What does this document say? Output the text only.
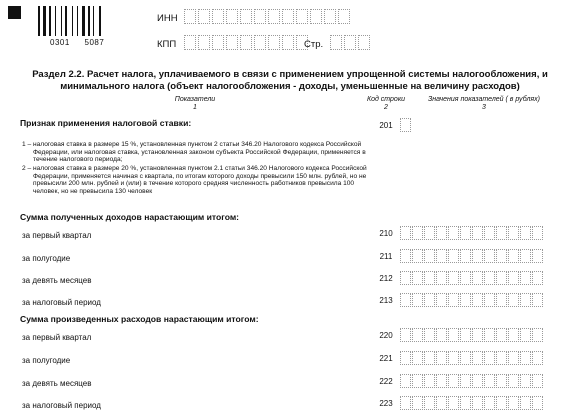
0301 5087
ИНН
КПП	Стр.
Раздел 2.2. Расчет налога, уплачиваемого в связи с применением упрощенной системы налогообложения, и
минимального налога (объект налогообложения - доходы, уменьшенные на величину расходов)
Показатели
1
Код строки
2
Значения показателей ( в рублях)
3
Признак применения налоговой ставки:	201
1 – налоговая ставка в размере 15 %, установленная пунктом 2 статьи 346.20 Налогового кодекса Российской Федерации, или налоговая ставка, установленная законом субъекта Российской Федерации, применяется в течение налогового периода;
2 – налоговая ставка в размере 20 %, установленная пунктом 2.1 статьи 346.20 Налогового кодекса Российской Федерации, применяется начиная с квартала, по итогам которого доходы превысили 150 млн. рублей, но не превысили 200 млн. рублей и (или) в течение которого средняя численность работников превысила 100 человек, но не превысила 130 человек
Сумма полученных доходов нарастающим итогом:
за первый квартал	210
за полугодие	211
за девять месяцев	212
за налоговый период	213
Сумма произведенных расходов нарастающим итогом:
за первый квартал	220
за полугодие	221
за девять месяцев	222
за налоговый период	223
